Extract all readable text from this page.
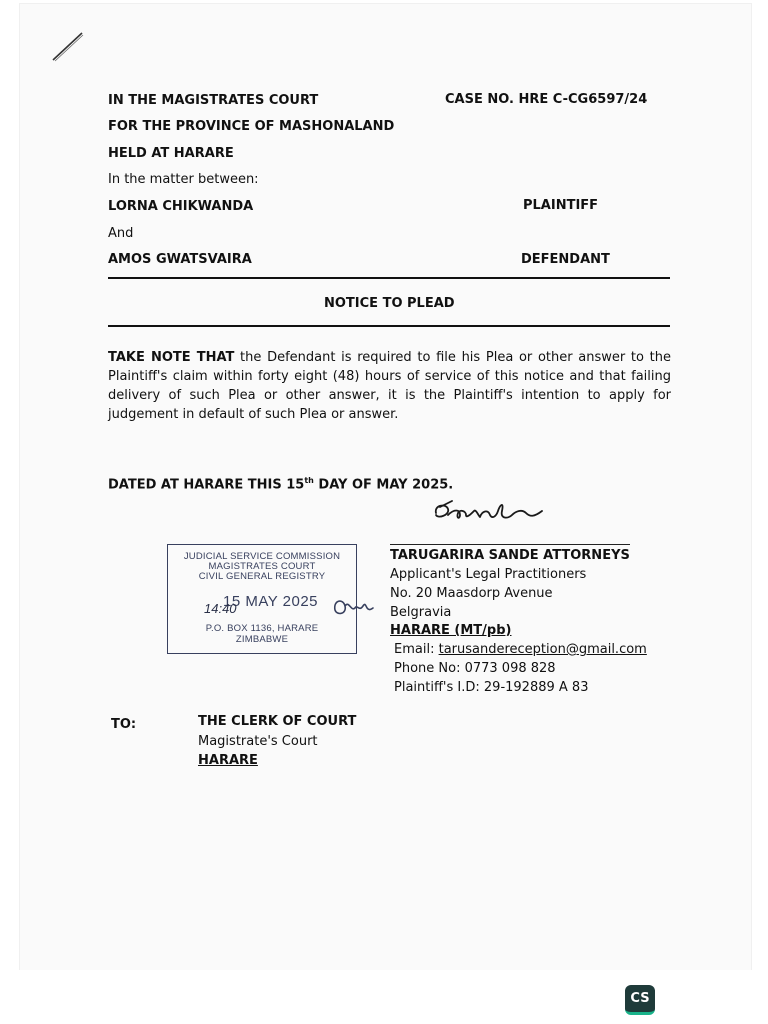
IN THE MAGISTRATES COURT	CASE NO. HRE C-CG6597/24
FOR THE PROVINCE OF MASHONALAND
HELD AT HARARE
In the matter between:
LORNA CHIKWANDA	PLAINTIFF
And
AMOS GWATSVAIRA	DEFENDANT
NOTICE TO PLEAD
TAKE NOTE THAT the Defendant is required to file his Plea or other answer to the Plaintiff's claim within forty eight (48) hours of service of this notice and that failing delivery of such Plea or other answer, it is the Plaintiff's intention to apply for judgement in default of such Plea or answer.
DATED AT HARARE THIS 15th DAY OF MAY 2025.
JUDICIAL SERVICE COMMISSION
MAGISTRATES COURT
CIVIL GENERAL REGISTRY
15 MAY 2025
14:40
P.O. BOX 1136, HARARE
ZIMBABWE
TARUGARIRA SANDE ATTORNEYS
Applicant's Legal Practitioners
No. 20 Maasdorp Avenue
Belgravia
HARARE (MT/pb)
Email: tarusandereception@gmail.com
Phone No: 0773 098 828
Plaintiff's I.D: 29-192889 A 83
TO:	THE CLERK OF COURT
Magistrate's Court
HARARE
CS
